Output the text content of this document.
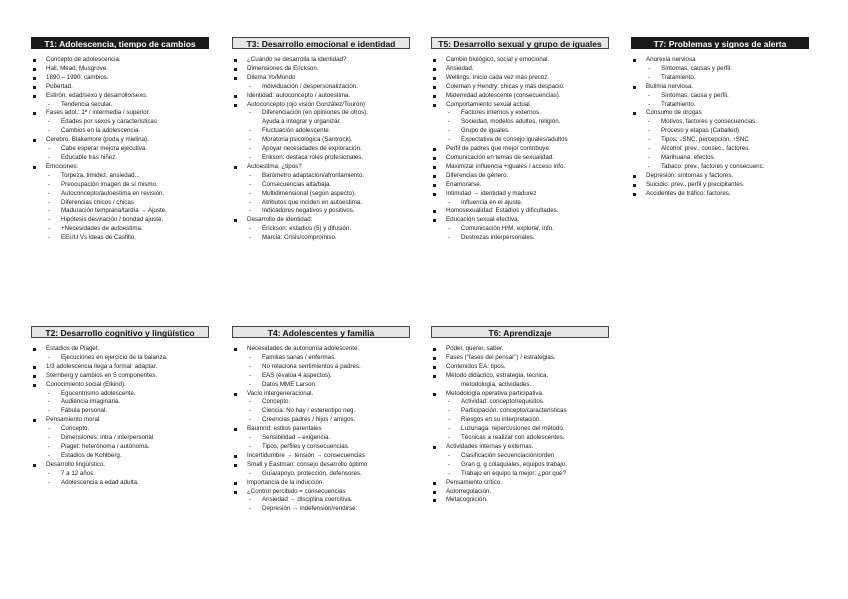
T1: Adolescencia, tiempo de cambios
Concepto de adolescencia.
Hall, Mead, Musgrove.
1890 – 1990: cambios.
Pubertad.
Estirón: edad/sexo y desarrollo/sexo.
- Tendencia secular.
Fases adol.: 1ª / intermedia / superior.
- Edades por sexos y características
- Cambios en la adolescencia.
Cerebro. Blakemore (poda y mielina).
- Cabe esperar mejora ejecutiva.
- Educable tras niñez.
Emociones:
- Torpeza, timidez, ansiedad...
- Preocupación imagen de sí mismo.
- Autoconcepto/autoestima en revisión.
- Diferencias chicos / chicas
- Maduración temprana/tardía → Ajuste.
- Hipótesis desviación / bondad ajuste.
- +Necesidades de autoestima.
- EEUU Vs ideas de Castillo.
T3: Desarrollo emocional e identidad
¿Cuándo se desarrolla la identidad?
Dimensiones de Erickson.
Dilema Yo/Mundo
- Individuación / despersonalización.
Identidad: autoconcepto / autoestima.
Autoconcepto (ojo visión González/Tourón)
- Diferenciación (en opiniones de otros).
Ayuda a integrar y organizar.
- Fluctuación adolescente.
- Moratoria psicológica (Santrock).
- Apoyar necesidades de exploración.
- Erikson: destaca roles profesionales.
Autoestima: ¿tipos?
- Barómetro adaptación/afrontamiento.
- Consecuencias alta/baja.
- Multidimensional (según aspecto).
- Atributos que inciden en autoestima.
- Indicadores negativos y positivos.
Desarrollo de identidad:
- Erickson: estadios (5) y difusión.
- Marcia: Crisis/compromiso.
T5: Desarrollo sexual y grupo de iguales
Cambio biológico, social y emocional.
Ansiedad.
Wellings: Inicio cada vez más precoz.
Coleman y Hendry: chicas y más despacio.
Maternidad adolescente (consecuencias).
Comportamiento sexual actual.
- Factores internos y externos.
- Sociedad, modelos adultos, religión.
- Grupo de iguales.
- Expectativa de consejo iguales/adultos
Perfil de padres que mejor contribuye.
Comunicación en temas de sexualidad.
Maximizar influencia +iguales / acceso info.
Diferencias de género.
Enamorarse.
Intimidad → identidad y madurez
- Influencia en el ajuste.
Homosexualidad: Estadios y dificultades.
Educación sexual efectiva.
- Comunicación H/M, explorar, info.
- Destrezas interpersonales.
T7: Problemas y signos de alerta
Anorexia nerviosa
- Síntomas, causas y perfil.
- Tratamiento.
Bulimia nerviosa.
- Síntomas, causa y perfil.
- Tratamiento.
Consumo de drogas
- Motivos, factores y consecuencias.
- Proceso y etapas (Caballed)
- Tipos: ↓SNC, percepción, ↑SNC
- Alcohol: prev., consec., factores.
- Marihuana: efectos.
- Tabaco: prev., factores y consecuenc.
Depresión: síntomas y factores.
Suicidio: prev., perfil y precipitantes.
Accidentes de tráfico: factores.
T2: Desarrollo cognitivo y lingüístico
Estadios de Piaget.
- Ejecuciones en ejercicio de la balanza.
1/3 adolescencia llega a formal: adaptar.
Sternberg y cambios en 5 componentes.
Conocimiento social (Elkind).
- Egocentrismo adolescente.
- Audiencia imaginaria.
- Fábula personal.
Pensamiento moral:
- Concepto.
- Dimensiones: intra / interpersonal
- Piaget: heterónoma / autónoma.
- Estadios de Kohlberg.
Desarrollo lingüístico.
- 7 a 12 años.
- Adolescencia a edad adulta.
T4: Adolescentes y familia
Necesidades de autonomía adolescente.
- Familias sanas / enfermas.
- No relaciona sentimientos a padres.
- EAS (evalúa 4 aspectos).
- Datos MME Larson.
Vacío intergeneracional.
- Concepto.
- Ciencia: No hay / estereotipo neg.
- Creencias padres / hijos / amigos.
Baumrid: estilos parentales
- Sensibilidad – exigencia.
- Tipos, perfiles y consecuencias.
Incertidumbre → tensión → consecuencias
Small y Eastman: consejo desarrollo óptimo
- Guía/apoyo, protección, defensores.
Importancia de la inducción.
¿Control percibido = consecuencias
- Ansiedad → disciplina coercitiva.
- Depresión → indefensión/rendirse.
T6: Aprendizaje
Poder, querer, saber.
Fases ("fases del pensar") / estrategias.
Contenidos EA: tipos.
Método didáctico, estrategia, técnica,
metodología, actividades.
Metodología operativa participativa.
- Actividad: concepto/requisitos.
- Participación: concepto/características
- Riesgos en su interpretación.
- Luzuriaga: repercusiones del método.
- Técnicas a realizar con adolescentes.
Actividades internas y externas.
- Clasificación secuenciación/orden
- Gran g, g colaquiales, equipos trabajo.
- Trabajo en equipo la mejor: ¿por qué?
Pensamiento crítico.
Autorregulación.
Metacognición.
